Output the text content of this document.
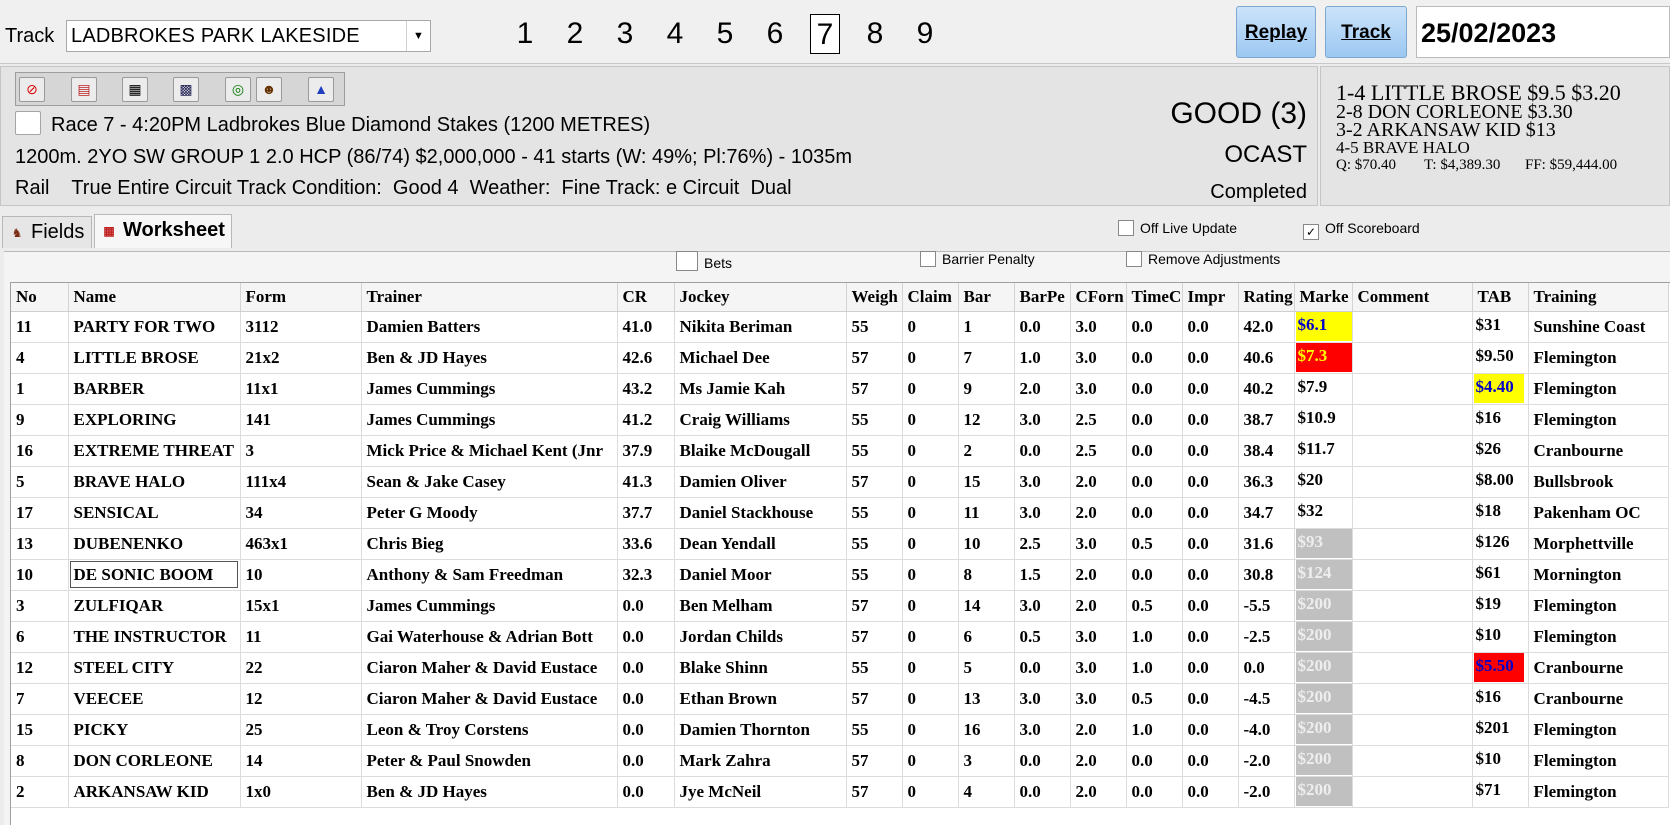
Track LADBROKES PARK LAKESIDE	▼	1 2 3 4 5 6 7 8 9	Replay	Track	25/02/2023
⊘	▤	▦	▩	◎	☻	▲
Race 7 - 4:20PM Ladbrokes Blue Diamond Stakes (1200 METRES)
1200m. 2YO SW GROUP 1 2.0 HCP (86/74) $2,000,000 - 41 starts (W: 49%; Pl:76%) - 1035m
Rail    True Entire Circuit Track Condition:  Good 4  Weather:  Fine Track: e Circuit  Dual
GOOD (3)
OCAST
Completed
1-4 LITTLE BROSE $9.5 $3.20
2-8 DON CORLEONE $3.30
3-2 ARKANSAW KID $13
4-5 BRAVE HALO
Q: $70.40 T: $4,389.30 FF: $59,444.00
♞ Fields	▦ Worksheet	Off Live Update	✓ Off Scoreboard
Bets	Barrier Penalty	Remove Adjustments
No	Name	Form	Trainer	CR	Jockey	Weigh	Claim	Bar	BarPe	CForn	TimeC	Impr	Rating	Marke	Comment	TAB	Training
11	PARTY FOR TWO	3112	Damien Batters	41.0	Nikita Beriman	55	0	1	0.0	3.0	0.0	0.0	42.0	$6.1		$31	Sunshine Coast
4	LITTLE BROSE	21x2	Ben & JD Hayes	42.6	Michael Dee	57	0	7	1.0	3.0	0.0	0.0	40.6	$7.3		$9.50	Flemington
1	BARBER	11x1	James Cummings	43.2	Ms Jamie Kah	57	0	9	2.0	3.0	0.0	0.0	40.2	$7.9		$4.40	Flemington
9	EXPLORING	141	James Cummings	41.2	Craig Williams	55	0	12	3.0	2.5	0.0	0.0	38.7	$10.9		$16	Flemington
16	EXTREME THREAT	3	Mick Price & Michael Kent (Jnr	37.9	Blaike McDougall	55	0	2	0.0	2.5	0.0	0.0	38.4	$11.7		$26	Cranbourne
5	BRAVE HALO	111x4	Sean & Jake Casey	41.3	Damien Oliver	57	0	15	3.0	2.0	0.0	0.0	36.3	$20		$8.00	Bullsbrook
17	SENSICAL	34	Peter G Moody	37.7	Daniel Stackhouse	55	0	11	3.0	2.0	0.0	0.0	34.7	$32		$18	Pakenham OC
13	DUBENENKO	463x1	Chris Bieg	33.6	Dean Yendall	55	0	10	2.5	3.0	0.5	0.0	31.6	$93		$126	Morphettville
10	DE SONIC BOOM	10	Anthony & Sam Freedman	32.3	Daniel Moor	55	0	8	1.5	2.0	0.0	0.0	30.8	$124		$61	Mornington
3	ZULFIQAR	15x1	James Cummings	0.0	Ben Melham	57	0	14	3.0	2.0	0.5	0.0	-5.5	$200		$19	Flemington
6	THE INSTRUCTOR	11	Gai Waterhouse & Adrian Bott	0.0	Jordan Childs	57	0	6	0.5	3.0	1.0	0.0	-2.5	$200		$10	Flemington
12	STEEL CITY	22	Ciaron Maher & David Eustace	0.0	Blake Shinn	55	0	5	0.0	3.0	1.0	0.0	0.0	$200		$5.50	Cranbourne
7	VEECEE	12	Ciaron Maher & David Eustace	0.0	Ethan Brown	57	0	13	3.0	3.0	0.5	0.0	-4.5	$200		$16	Cranbourne
15	PICKY	25	Leon & Troy Corstens	0.0	Damien Thornton	55	0	16	3.0	2.0	1.0	0.0	-4.0	$200		$201	Flemington
8	DON CORLEONE	14	Peter & Paul Snowden	0.0	Mark Zahra	57	0	3	0.0	2.0	0.0	0.0	-2.0	$200		$10	Flemington
2	ARKANSAW KID	1x0	Ben & JD Hayes	0.0	Jye McNeil	57	0	4	0.0	2.0	0.0	0.0	-2.0	$200		$71	Flemington
